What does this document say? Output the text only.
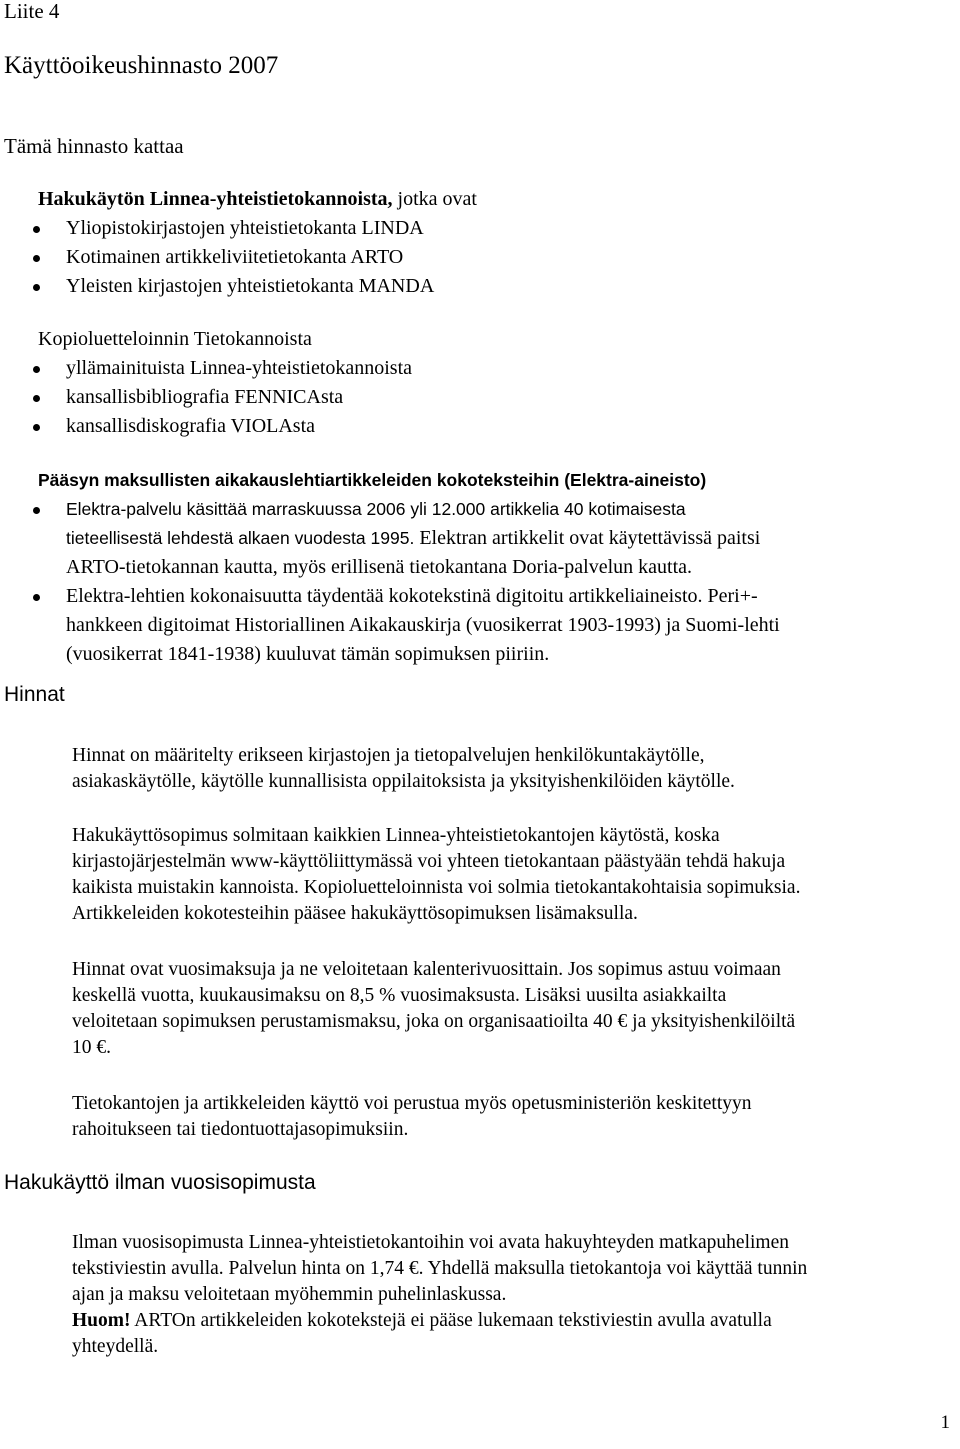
Liite 4
Käyttöoikeushinnasto 2007
Tämä hinnasto kattaa
Hakukäytön Linnea-yhteistietokannoista, jotka ovat
Yliopistokirjastojen yhteistietokanta LINDA
Kotimainen artikkeliviitetietokanta ARTO
Yleisten kirjastojen yhteistietokanta MANDA
Kopioluetteloinnin Tietokannoista
yllämainituista Linnea-yhteistietokannoista
kansallisbibliografia FENNICAsta
kansallisdiskografia VIOLAsta
Pääsyn maksullisten aikakauslehtiartikkeleiden kokoteksteihin (Elektra-aineisto)
Elektra-palvelu käsittää marraskuussa 2006 yli 12.000 artikkelia 40 kotimaisesta
tieteellisestä lehdestä alkaen vuodesta 1995. Elektran artikkelit ovat käytettävissä paitsi
ARTO-tietokannan kautta, myös erillisenä tietokantana Doria-palvelun kautta.
Elektra-lehtien kokonaisuutta täydentää kokotekstinä digitoitu artikkeliaineisto. Peri+-
hankkeen digitoimat Historiallinen Aikakauskirja (vuosikerrat 1903-1993) ja Suomi-lehti
(vuosikerrat 1841-1938) kuuluvat tämän sopimuksen piiriin.
Hinnat
Hinnat on määritelty erikseen kirjastojen ja tietopalvelujen henkilökuntakäytölle,
asiakaskäytölle, käytölle kunnallisista oppilaitoksista ja yksityishenkilöiden käytölle.
Hakukäyttösopimus solmitaan kaikkien Linnea-yhteistietokantojen käytöstä, koska
kirjastojärjestelmän www-käyttöliittymässä voi yhteen tietokantaan päästyään tehdä hakuja
kaikista muistakin kannoista. Kopioluetteloinnista voi solmia tietokantakohtaisia sopimuksia.
Artikkeleiden kokotesteihin pääsee hakukäyttösopimuksen lisämaksulla.
Hinnat ovat vuosimaksuja ja ne veloitetaan kalenterivuosittain. Jos sopimus astuu voimaan
keskellä vuotta, kuukausimaksu on 8,5 % vuosimaksusta. Lisäksi uusilta asiakkailta
veloitetaan sopimuksen perustamismaksu, joka on organisaatioilta 40 € ja yksityishenkilöiltä
10 €.
Tietokantojen ja artikkeleiden käyttö voi perustua myös opetusministeriön keskitettyyn
rahoitukseen tai tiedontuottajasopimuksiin.
Hakukäyttö ilman vuosisopimusta
Ilman vuosisopimusta Linnea-yhteistietokantoihin voi avata hakuyhteyden matkapuhelimen
tekstiviestin avulla. Palvelun hinta on 1,74 €. Yhdellä maksulla tietokantoja voi käyttää tunnin
ajan ja maksu veloitetaan myöhemmin puhelinlaskussa.
Huom! ARTOn artikkeleiden kokotekstejä ei pääse lukemaan tekstiviestin avulla avatulla
yhteydellä.
1
